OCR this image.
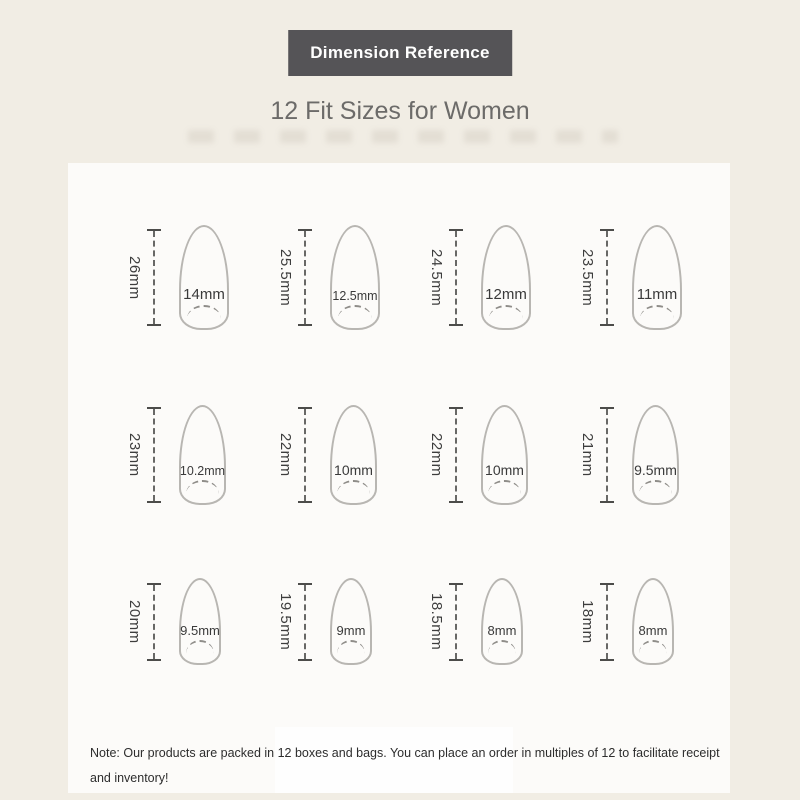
Dimension Reference
12 Fit Sizes for Women
26mm	14mm	25.5mm	12.5mm	24.5mm	12mm	23.5mm	11mm
23mm	10.2mm	22mm	10mm	22mm	10mm	21mm	9.5mm
20mm	9.5mm	19.5mm	9mm	18.5mm	8mm	18mm	8mm
Note: Our products are packed in 12 boxes and bags. You can place an order in multiples of 12 to facilitate receipt and inventory!
